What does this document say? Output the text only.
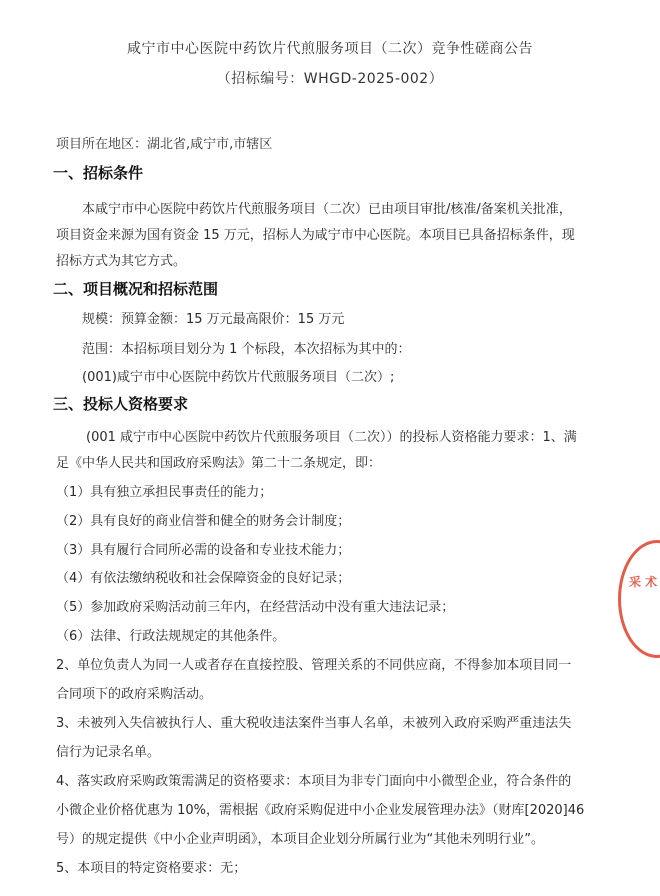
咸宁市中心医院中药饮片代煎服务项目（二次）竞争性磋商公告
（招标编号：WHGD-2025-002）
项目所在地区：湖北省,咸宁市,市辖区
一、招标条件
本咸宁市中心医院中药饮片代煎服务项目（二次）已由项目审批/核准/备案机关批准，
项目资金来源为国有资金 15 万元，招标人为咸宁市中心医院。本项目已具备招标条件，现
招标方式为其它方式。
二、项目概况和招标范围
规模：预算金额：15 万元最高限价：15 万元
范围：本招标项目划分为 1 个标段，本次招标为其中的：
(001)咸宁市中心医院中药饮片代煎服务项目（二次）;
三、投标人资格要求
(001 咸宁市中心医院中药饮片代煎服务项目（二次））的投标人资格能力要求：1、满
足《中华人民共和国政府采购法》第二十二条规定，即：
（1）具有独立承担民事责任的能力；
（2）具有良好的商业信誉和健全的财务会计制度；
（3）具有履行合同所必需的设备和专业技术能力；
（4）有依法缴纳税收和社会保障资金的良好记录；
（5）参加政府采购活动前三年内，在经营活动中没有重大违法记录；
（6）法律、行政法规规定的其他条件。
2、单位负责人为同一人或者存在直接控股、管理关系的不同供应商，不得参加本项目同一
合同项下的政府采购活动。
3、未被列入失信被执行人、重大税收违法案件当事人名单，未被列入政府采购严重违法失
信行为记录名单。
4、落实政府采购政策需满足的资格要求：本项目为非专门面向中小微型企业，符合条件的
小微企业价格优惠为 10%，需根据《政府采购促进中小企业发展管理办法》（财库[2020]46
号）的规定提供《中小企业声明函》，本项目企业划分所属行业为“其他未列明行业”。
5、本项目的特定资格要求：无；
采 术
